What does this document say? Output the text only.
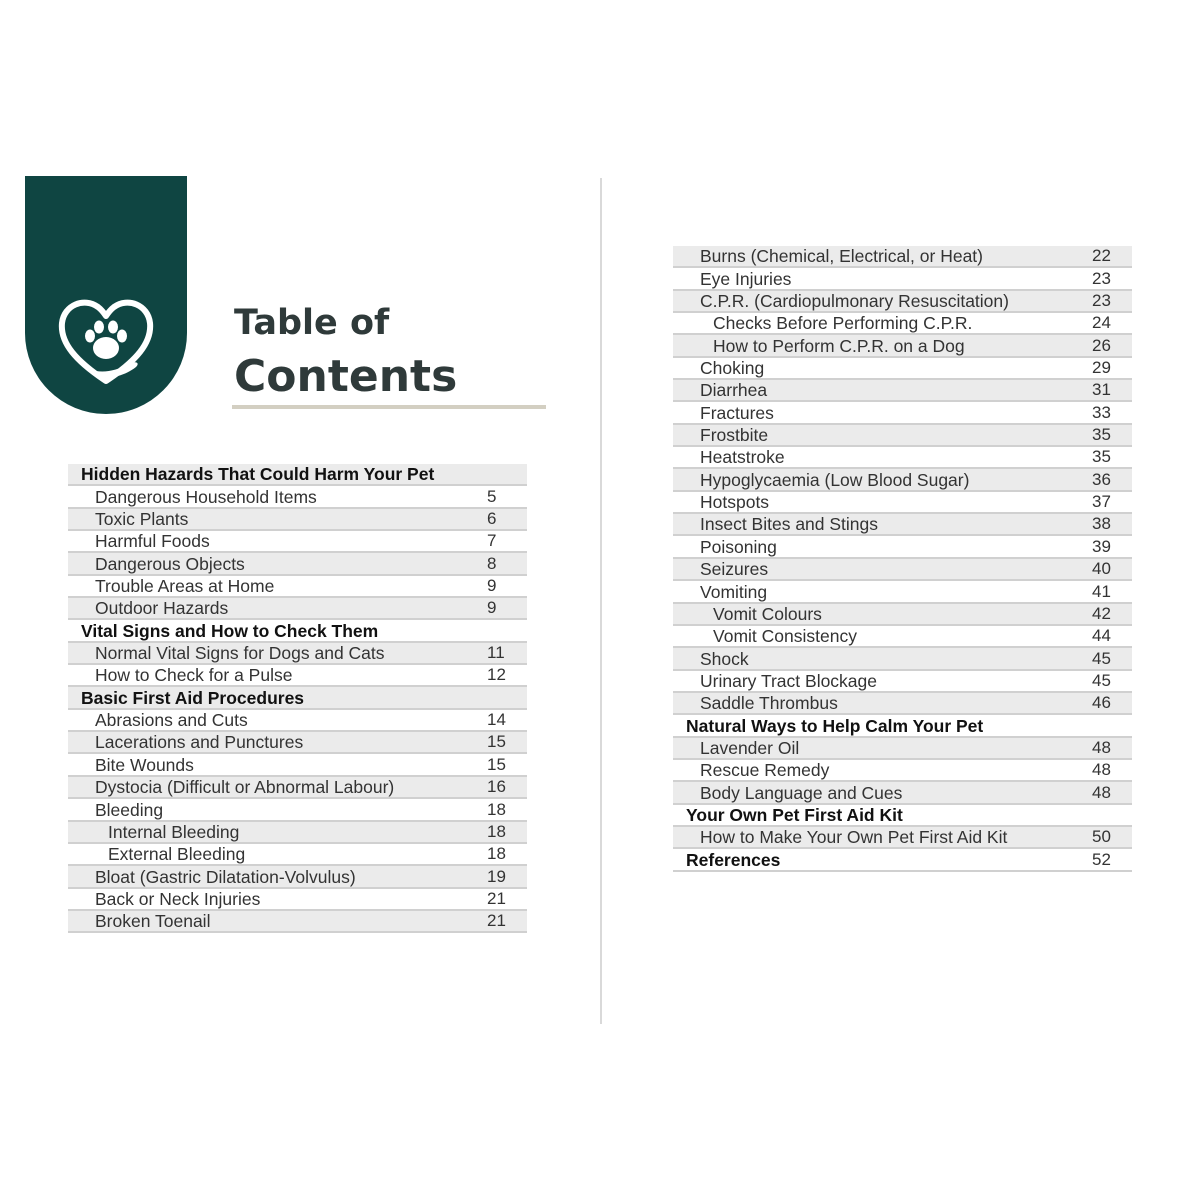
Table of
Contents
Hidden Hazards That Could Harm Your Pet
Dangerous Household Items	5
Toxic Plants	6
Harmful Foods	7
Dangerous Objects	8
Trouble Areas at Home	9
Outdoor Hazards	9
Vital Signs and How to Check Them
Normal Vital Signs for Dogs and Cats	11
How to Check for a Pulse	12
Basic First Aid Procedures
Abrasions and Cuts	14
Lacerations and Punctures	15
Bite Wounds	15
Dystocia (Difficult or Abnormal Labour)	16
Bleeding	18
Internal Bleeding	18
External Bleeding	18
Bloat (Gastric Dilatation-Volvulus)	19
Back or Neck Injuries	21
Broken Toenail	21
Burns (Chemical, Electrical, or Heat)	22
Eye Injuries	23
C.P.R. (Cardiopulmonary Resuscitation)	23
Checks Before Performing C.P.R.	24
How to Perform C.P.R. on a Dog	26
Choking	29
Diarrhea	31
Fractures	33
Frostbite	35
Heatstroke	35
Hypoglycaemia (Low Blood Sugar)	36
Hotspots	37
Insect Bites and Stings	38
Poisoning	39
Seizures	40
Vomiting	41
Vomit Colours	42
Vomit Consistency	44
Shock	45
Urinary Tract Blockage	45
Saddle Thrombus	46
Natural Ways to Help Calm Your Pet
Lavender Oil	48
Rescue Remedy	48
Body Language and Cues	48
Your Own Pet First Aid Kit
How to Make Your Own Pet First Aid Kit	50
References	52
